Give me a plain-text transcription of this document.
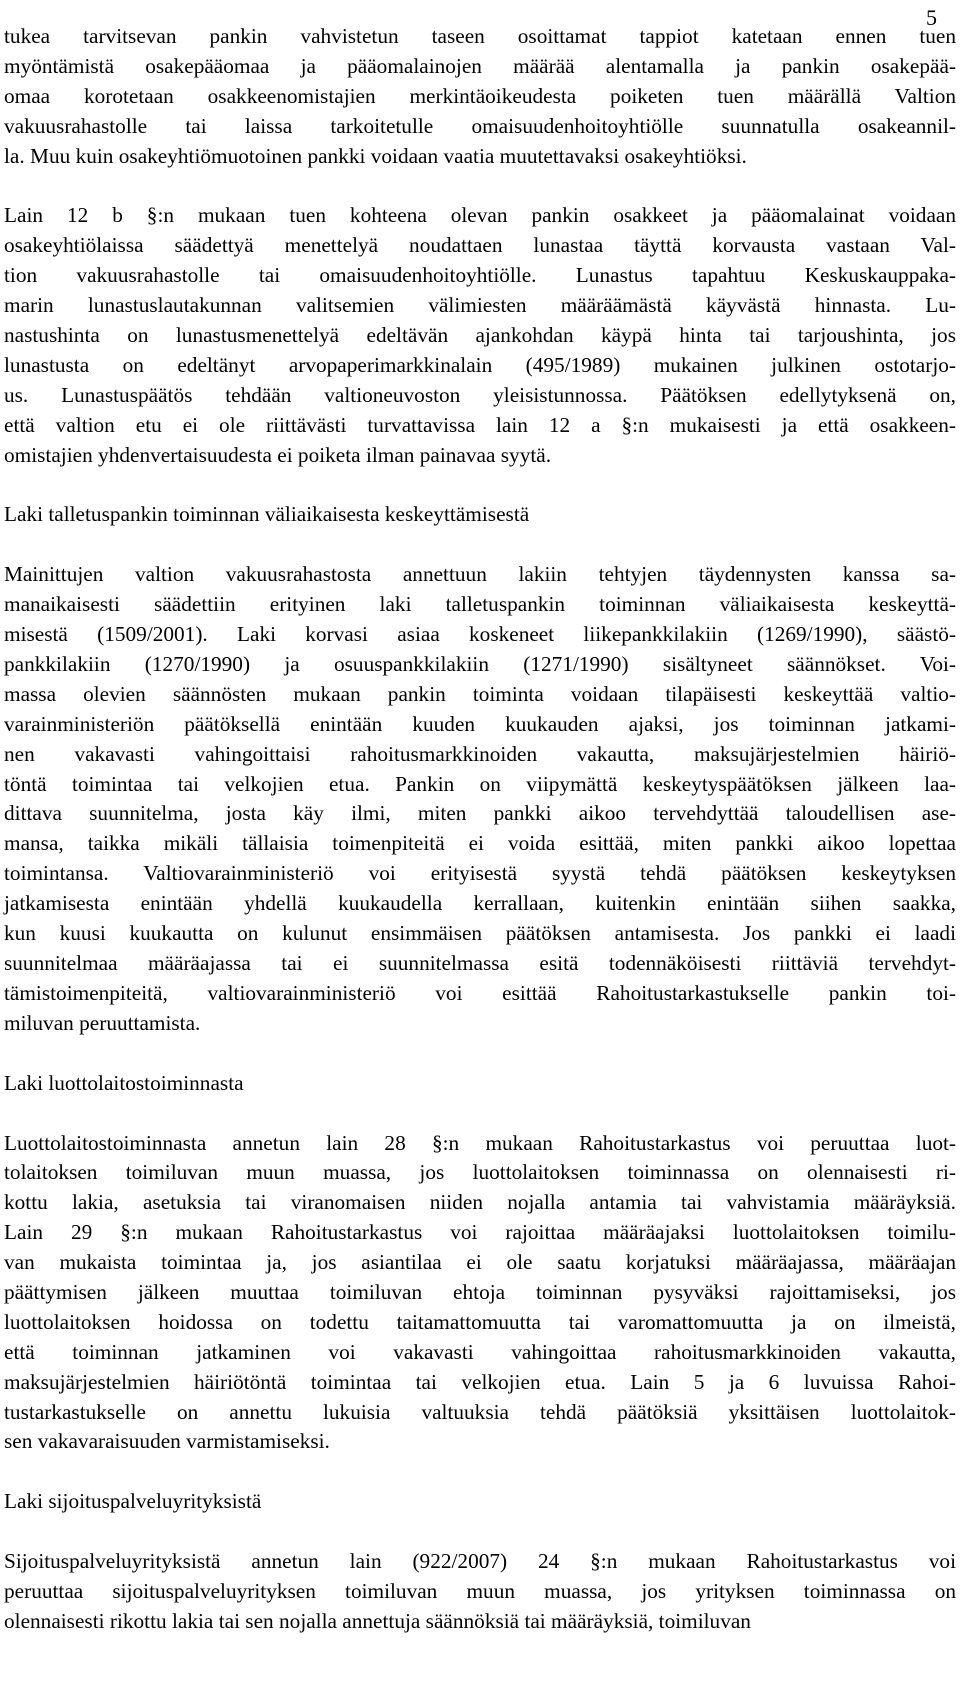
5
tukea tarvitsevan pankin vahvistetun taseen osoittamat tappiot katetaan ennen tuen
myöntämistä osakepääomaa ja pääomalainojen määrää alentamalla ja pankin osakepää-
omaa korotetaan osakkeenomistajien merkintäoikeudesta poiketen tuen määrällä Valtion
vakuusrahastolle tai laissa tarkoitetulle omaisuudenhoitoyhtiölle suunnatulla osakeannil-
la. Muu kuin osakeyhtiömuotoinen pankki voidaan vaatia muutettavaksi osakeyhtiöksi.
Lain 12 b §:n mukaan tuen kohteena olevan pankin osakkeet ja pääomalainat voidaan
osakeyhtiölaissa säädettyä menettelyä noudattaen lunastaa täyttä korvausta vastaan Val-
tion vakuusrahastolle tai omaisuudenhoitoyhtiölle. Lunastus tapahtuu Keskuskauppaka-
marin lunastuslautakunnan valitsemien välimiesten määräämästä käyvästä hinnasta. Lu-
nastushinta on lunastusmenettelyä edeltävän ajankohdan käypä hinta tai tarjoushinta, jos
lunastusta on edeltänyt arvopaperimarkkinalain (495/1989) mukainen julkinen ostotarjo-
us. Lunastuspäätös tehdään valtioneuvoston yleisistunnossa. Päätöksen edellytyksenä on,
että valtion etu ei ole riittävästi turvattavissa lain 12 a §:n mukaisesti ja että osakkeen-
omistajien yhdenvertaisuudesta ei poiketa ilman painavaa syytä.
Laki talletuspankin toiminnan väliaikaisesta keskeyttämisestä
Mainittujen valtion vakuusrahastosta annettuun lakiin tehtyjen täydennysten kanssa sa-
manaikaisesti säädettiin erityinen laki talletuspankin toiminnan väliaikaisesta keskeyttä-
misestä (1509/2001). Laki korvasi asiaa koskeneet liikepankkilakiin (1269/1990), säästö-
pankkilakiin (1270/1990) ja osuuspankkilakiin (1271/1990) sisältyneet säännökset. Voi-
massa olevien säännösten mukaan pankin toiminta voidaan tilapäisesti keskeyttää valtio-
varainministeriön päätöksellä enintään kuuden kuukauden ajaksi, jos toiminnan jatkami-
nen vakavasti vahingoittaisi rahoitusmarkkinoiden vakautta, maksujärjestelmien häiriö-
töntä toimintaa tai velkojien etua. Pankin on viipymättä keskeytyspäätöksen jälkeen laa-
dittava suunnitelma, josta käy ilmi, miten pankki aikoo tervehdyttää taloudellisen ase-
mansa, taikka mikäli tällaisia toimenpiteitä ei voida esittää, miten pankki aikoo lopettaa
toimintansa. Valtiovarainministeriö voi erityisestä syystä tehdä päätöksen keskeytyksen
jatkamisesta enintään yhdellä kuukaudella kerrallaan, kuitenkin enintään siihen saakka,
kun kuusi kuukautta on kulunut ensimmäisen päätöksen antamisesta. Jos pankki ei laadi
suunnitelmaa määräajassa tai ei suunnitelmassa esitä todennäköisesti riittäviä tervehdyt-
tämistoimenpiteitä, valtiovarainministeriö voi esittää Rahoitustarkastukselle pankin toi-
miluvan peruuttamista.
Laki luottolaitostoiminnasta
Luottolaitostoiminnasta annetun lain 28 §:n mukaan Rahoitustarkastus voi peruuttaa luot-
tolaitoksen toimiluvan muun muassa, jos luottolaitoksen toiminnassa on olennaisesti ri-
kottu lakia, asetuksia tai viranomaisen niiden nojalla antamia tai vahvistamia määräyksiä.
Lain 29 §:n mukaan Rahoitustarkastus voi rajoittaa määräajaksi luottolaitoksen toimilu-
van mukaista toimintaa ja, jos asiantilaa ei ole saatu korjatuksi määräajassa, määräajan
päättymisen jälkeen muuttaa toimiluvan ehtoja toiminnan pysyväksi rajoittamiseksi, jos
luottolaitoksen hoidossa on todettu taitamattomuutta tai varomattomuutta ja on ilmeistä,
että toiminnan jatkaminen voi vakavasti vahingoittaa rahoitusmarkkinoiden vakautta,
maksujärjestelmien häiriötöntä toimintaa tai velkojien etua. Lain 5 ja 6 luvuissa Rahoi-
tustarkastukselle on annettu lukuisia valtuuksia tehdä päätöksiä yksittäisen luottolaitok-
sen vakavaraisuuden varmistamiseksi.
Laki sijoituspalveluyrityksistä
Sijoituspalveluyrityksistä annetun lain (922/2007) 24 §:n mukaan Rahoitustarkastus voi
peruuttaa sijoituspalveluyrityksen toimiluvan muun muassa, jos yrityksen toiminnassa on
olennaisesti rikottu lakia tai sen nojalla annettuja säännöksiä tai määräyksiä, toimiluvan
